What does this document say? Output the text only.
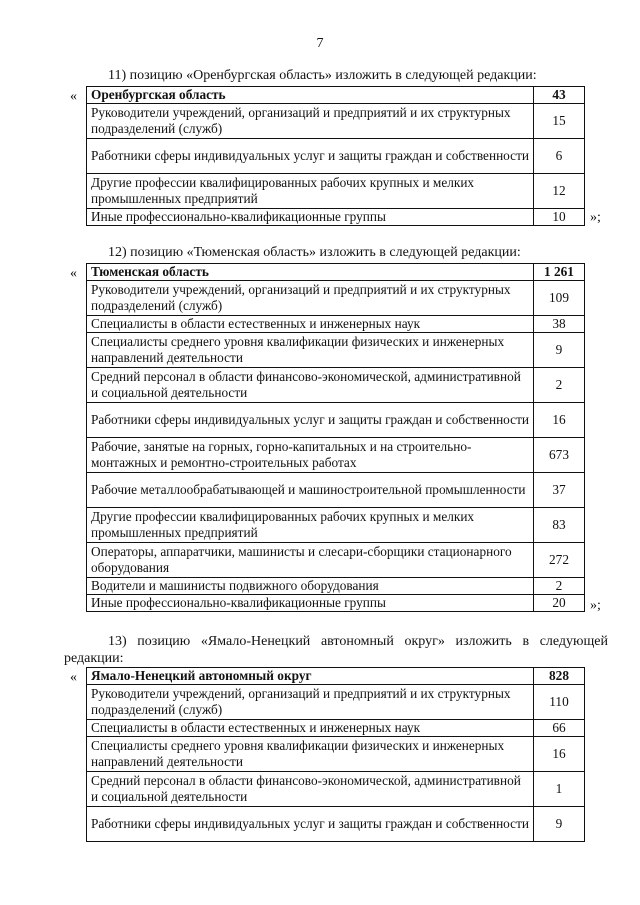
7
11) позицию «Оренбургская область» изложить в следующей редакции:
« Оренбургская область	43
Руководители учреждений, организаций и предприятий и их структурных подразделений (служб)	15
Работники сферы индивидуальных услуг и защиты граждан и собственности	6
Другие профессии квалифицированных рабочих крупных и мелких промышленных предприятий	12
Иные профессионально-квалификационные группы	10 »;
12) позицию «Тюменская область» изложить в следующей редакции:
« Тюменская область	1 261
Руководители учреждений, организаций и предприятий и их структурных подразделений (служб)	109
Специалисты в области естественных и инженерных наук	38
Специалисты среднего уровня квалификации физических и инженерных направлений деятельности	9
Средний персонал в области финансово-экономической, административной и социальной деятельности	2
Работники сферы индивидуальных услуг и защиты граждан и собственности	16
Рабочие, занятые на горных, горно-капитальных и на строительно-монтажных и ремонтно-строительных работах	673
Рабочие металлообрабатывающей и машиностроительной промышленности	37
Другие профессии квалифицированных рабочих крупных и мелких промышленных предприятий	83
Операторы, аппаратчики, машинисты и слесари-сборщики стационарного оборудования	272
Водители и машинисты подвижного оборудования	2
Иные профессионально-квалификационные группы	20 »;
13) позицию «Ямало-Ненецкий автономный округ» изложить в следующей
редакции:
« Ямало-Ненецкий автономный округ	828
Руководители учреждений, организаций и предприятий и их структурных подразделений (служб)	110
Специалисты в области естественных и инженерных наук	66
Специалисты среднего уровня квалификации физических и инженерных направлений деятельности	16
Средний персонал в области финансово-экономической, административной и социальной деятельности	1
Работники сферы индивидуальных услуг и защиты граждан и собственности	9
